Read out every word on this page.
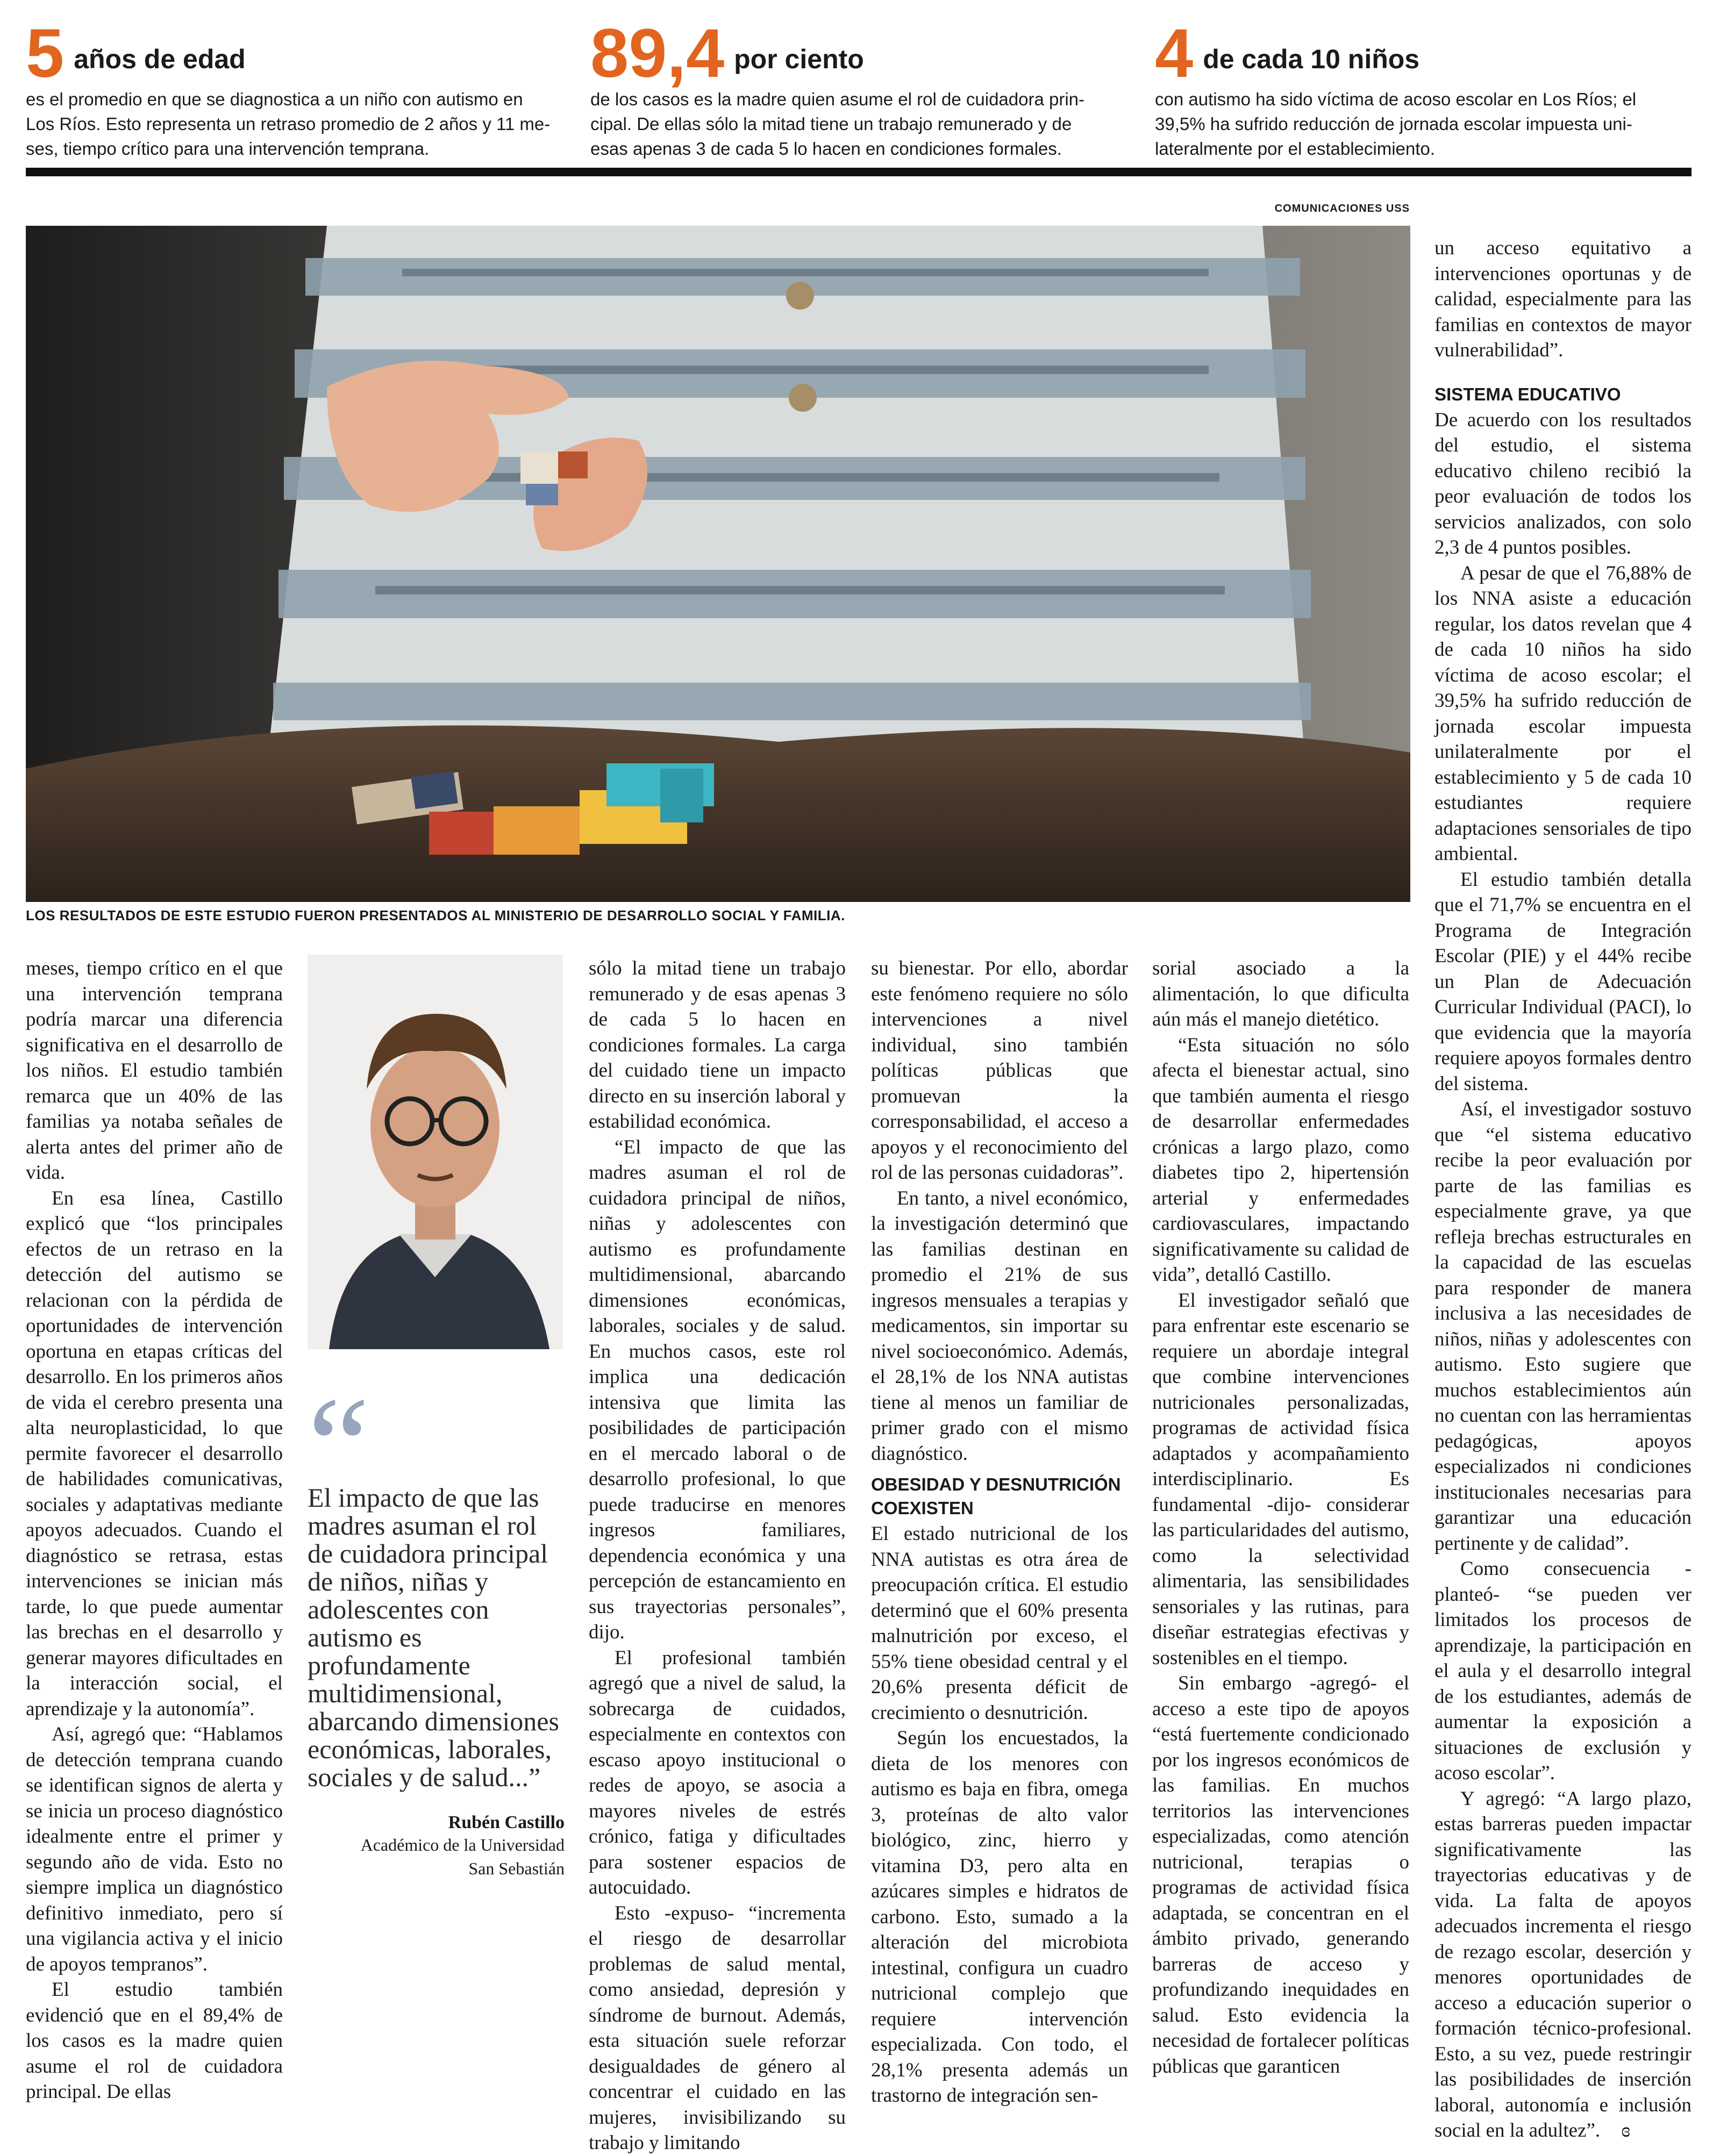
5 años de edad
es el promedio en que se diagnostica a un niño con autismo en
Los Ríos. Esto representa un retraso promedio de 2 años y 11 me-
ses, tiempo crítico para una intervención temprana.
89,4 por ciento
de los casos es la madre quien asume el rol de cuidadora prin-
cipal. De ellas sólo la mitad tiene un trabajo remunerado y de
esas apenas 3 de cada 5 lo hacen en condiciones formales.
4 de cada 10 niños
con autismo ha sido víctima de acoso escolar en Los Ríos; el
39,5% ha sufrido reducción de jornada escolar impuesta uni-
lateralmente por el establecimiento.
COMUNICACIONES USS
LOS RESULTADOS DE ESTE ESTUDIO FUERON PRESENTADOS AL MINISTERIO DE DESARROLLO SOCIAL Y FAMILIA.

meses, tiempo crítico en el que una intervención temprana podría marcar una diferencia significativa en el desarrollo de los niños. El estudio también remarca que un 40% de las familias ya notaba señales de alerta antes del primer año de vida.

En esa línea, Castillo explicó que “los principales efectos de un retraso en la detección del autismo se relacionan con la pérdida de oportunidades de intervención oportuna en etapas críticas del desarrollo. En los primeros años de vida el cerebro presenta una alta neuroplasticidad, lo que permite favorecer el desarrollo de habilidades comunicativas, sociales y adaptativas mediante apoyos adecuados. Cuando el diagnóstico se retrasa, estas intervenciones se inician más tarde, lo que puede aumentar las brechas en el desarrollo y generar mayores dificultades en la interacción social, el aprendizaje y la autonomía”.

Así, agregó que: “Hablamos de detección temprana cuando se identifican signos de alerta y se inicia un proceso diagnóstico idealmente entre el primer y segundo año de vida. Esto no siempre implica un diagnóstico definitivo inmediato, pero sí una vigilancia activa y el inicio de apoyos tempranos”.

El estudio también evidenció que en el 89,4% de los casos es la madre quien asume el rol de cuidadora principal. De ellas

“
El impacto de que las madres asuman el rol de cuidadora principal de niños, niñas y adolescentes con autismo es profundamente multidimensional, abarcando dimensiones económicas, laborales, sociales y de salud...”
Rubén Castillo
Académico de la Universidad
San Sebastián

sólo la mitad tiene un trabajo remunerado y de esas apenas 3 de cada 5 lo hacen en condiciones formales. La carga del cuidado tiene un impacto directo en su inserción laboral y estabilidad económica.

“El impacto de que las madres asuman el rol de cuidadora principal de niños, niñas y adolescentes con autismo es profundamente multidimensional, abarcando dimensiones económicas, laborales, sociales y de salud. En muchos casos, este rol implica una dedicación intensiva que limita las posibilidades de participación en el mercado laboral o de desarrollo profesional, lo que puede traducirse en menores ingresos familiares, dependencia económica y una percepción de estancamiento en sus trayectorias personales”, dijo.

El profesional también agregó que a nivel de salud, la sobrecarga de cuidados, especialmente en contextos con escaso apoyo institucional o redes de apoyo, se asocia a mayores niveles de estrés crónico, fatiga y dificultades para sostener espacios de autocuidado.

Esto -expuso- “incrementa el riesgo de desarrollar problemas de salud mental, como ansiedad, depresión y síndrome de burnout. Además, esta situación suele reforzar desigualdades de género al concentrar el cuidado en las mujeres, invisibilizando su trabajo y limitando

su bienestar. Por ello, abordar este fenómeno requiere no sólo intervenciones a nivel individual, sino también políticas públicas que promuevan la corresponsabilidad, el acceso a apoyos y el reconocimiento del rol de las personas cuidadoras”.

En tanto, a nivel económico, la investigación determinó que las familias destinan en promedio el 21% de sus ingresos mensuales a terapias y medicamentos, sin importar su nivel socioeconómico. Además, el 28,1% de los NNA autistas tiene al menos un familiar de primer grado con el mismo diagnóstico.

OBESIDAD Y DESNUTRICIÓN COEXISTEN

El estado nutricional de los NNA autistas es otra área de preocupación crítica. El estudio determinó que el 60% presenta malnutrición por exceso, el 55% tiene obesidad central y el 20,6% presenta déficit de crecimiento o desnutrición.

Según los encuestados, la dieta de los menores con autismo es baja en fibra, omega 3, proteínas de alto valor biológico, zinc, hierro y vitamina D3, pero alta en azúcares simples e hidratos de carbono. Esto, sumado a la alteración del microbiota intestinal, configura un cuadro nutricional complejo que requiere intervención especializada. Con todo, el 28,1% presenta además un trastorno de integración sen-

sorial asociado a la alimentación, lo que dificulta aún más el manejo dietético.

“Esta situación no sólo afecta el bienestar actual, sino que también aumenta el riesgo de desarrollar enfermedades crónicas a largo plazo, como diabetes tipo 2, hipertensión arterial y enfermedades cardiovasculares, impactando significativamente su calidad de vida”, detalló Castillo.

El investigador señaló que para enfrentar este escenario se requiere un abordaje integral que combine intervenciones nutricionales personalizadas, programas de actividad física adaptados y acompañamiento interdisciplinario. Es fundamental -dijo- considerar las particularidades del autismo, como la selectividad alimentaria, las sensibilidades sensoriales y las rutinas, para diseñar estrategias efectivas y sostenibles en el tiempo.

Sin embargo -agregó- el acceso a este tipo de apoyos “está fuertemente condicionado por los ingresos económicos de las familias. En muchos territorios las intervenciones especializadas, como atención nutricional, terapias o programas de actividad física adaptada, se concentran en el ámbito privado, generando barreras de acceso y profundizando inequidades en salud. Esto evidencia la necesidad de fortalecer políticas públicas que garanticen

un acceso equitativo a intervenciones oportunas y de calidad, especialmente para las familias en contextos de mayor vulnerabilidad”.

SISTEMA EDUCATIVO

De acuerdo con los resultados del estudio, el sistema educativo chileno recibió la peor evaluación de todos los servicios analizados, con solo 2,3 de 4 puntos posibles.

A pesar de que el 76,88% de los NNA asiste a educación regular, los datos revelan que 4 de cada 10 niños ha sido víctima de acoso escolar; el 39,5% ha sufrido reducción de jornada escolar impuesta unilateralmente por el establecimiento y 5 de cada 10 estudiantes requiere adaptaciones sensoriales de tipo ambiental.

El estudio también detalla que el 71,7% se encuentra en el Programa de Integración Escolar (PIE) y el 44% recibe un Plan de Adecuación Curricular Individual (PACI), lo que evidencia que la mayoría requiere apoyos formales dentro del sistema.

Así, el investigador sostuvo que “el sistema educativo recibe la peor evaluación por parte de las familias es especialmente grave, ya que refleja brechas estructurales en la capacidad de las escuelas para responder de manera inclusiva a las necesidades de niños, niñas y adolescentes con autismo. Esto sugiere que muchos establecimientos aún no cuentan con las herramientas pedagógicas, apoyos especializados ni condiciones institucionales necesarias para garantizar una educación pertinente y de calidad”.

Como consecuencia -planteó- “se pueden ver limitados los procesos de aprendizaje, la participación en el aula y el desarrollo integral de los estudiantes, además de aumentar la exposición a situaciones de exclusión y acoso escolar”.

Y agregó: “A largo plazo, estas barreras pueden impactar significativamente las trayectorias educativas y de vida. La falta de apoyos adecuados incrementa el riesgo de rezago escolar, deserción y menores oportunidades de acceso a educación superior o formación técnico-profesional. Esto, a su vez, puede restringir las posibilidades de inserción laboral, autonomía e inclusión social en la adultez”. ɞ
